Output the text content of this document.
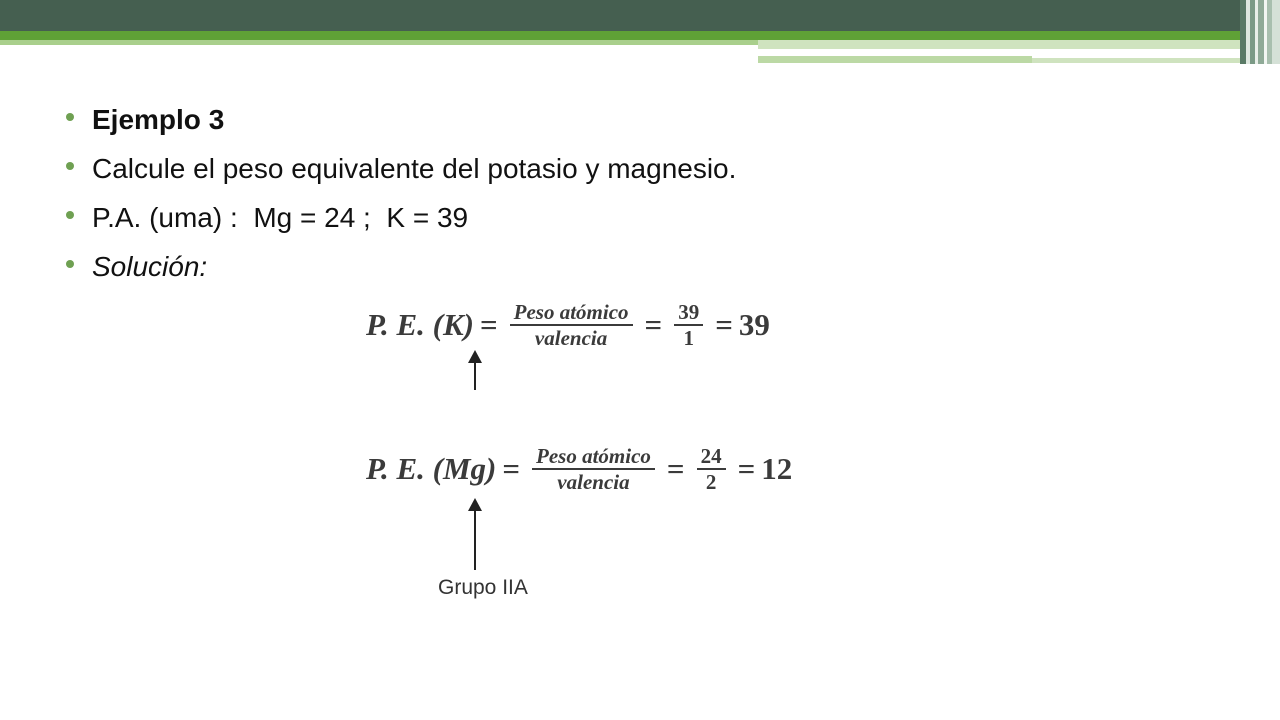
Ejemplo 3
Calcule el peso equivalente del potasio y magnesio.
P.A. (uma) :  Mg = 24 ;  K = 39
Solución:
P. E. $(K) = \frac{\text{Peso atómico}}{\text{valencia}} = \frac{39}{1} = 39$
P. E. $(Mg) = \frac{\text{Peso atómico}}{\text{valencia}} = \frac{24}{2} = 12$
Grupo IIA
